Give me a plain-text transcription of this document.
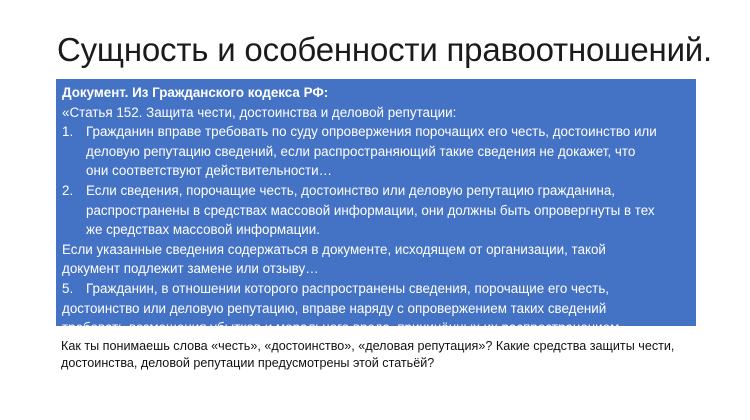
Сущность и особенности правоотношений.
Документ. Из Гражданского кодекса РФ:
«Статья 152. Защита чести, достоинства и деловой репутации:
1. Гражданин вправе требовать по суду опровержения порочащих его честь, достоинство или
деловую репутацию сведений, если распространяющий такие сведения не докажет, что
они соответствуют действительности…
2. Если сведения, порочащие честь, достоинство или деловую репутацию гражданина,
распространены в средствах массовой информации, они должны быть опровергнуты в тех
же средствах массовой информации.
Если указанные сведения содержаться в документе, исходящем от организации, такой
документ подлежит замене или отзыву…
5. Гражданин, в отношении которого распространены сведения, порочащие его честь,
достоинство или деловую репутацию, вправе наряду с опровержением таких сведений
требовать возмещения убытков и морального вреда, причинённых их распространением…
Как ты понимаешь слова «честь», «достоинство», «деловая репутация»? Какие средства защиты чести,
достоинства, деловой репутации предусмотрены этой статьёй?
